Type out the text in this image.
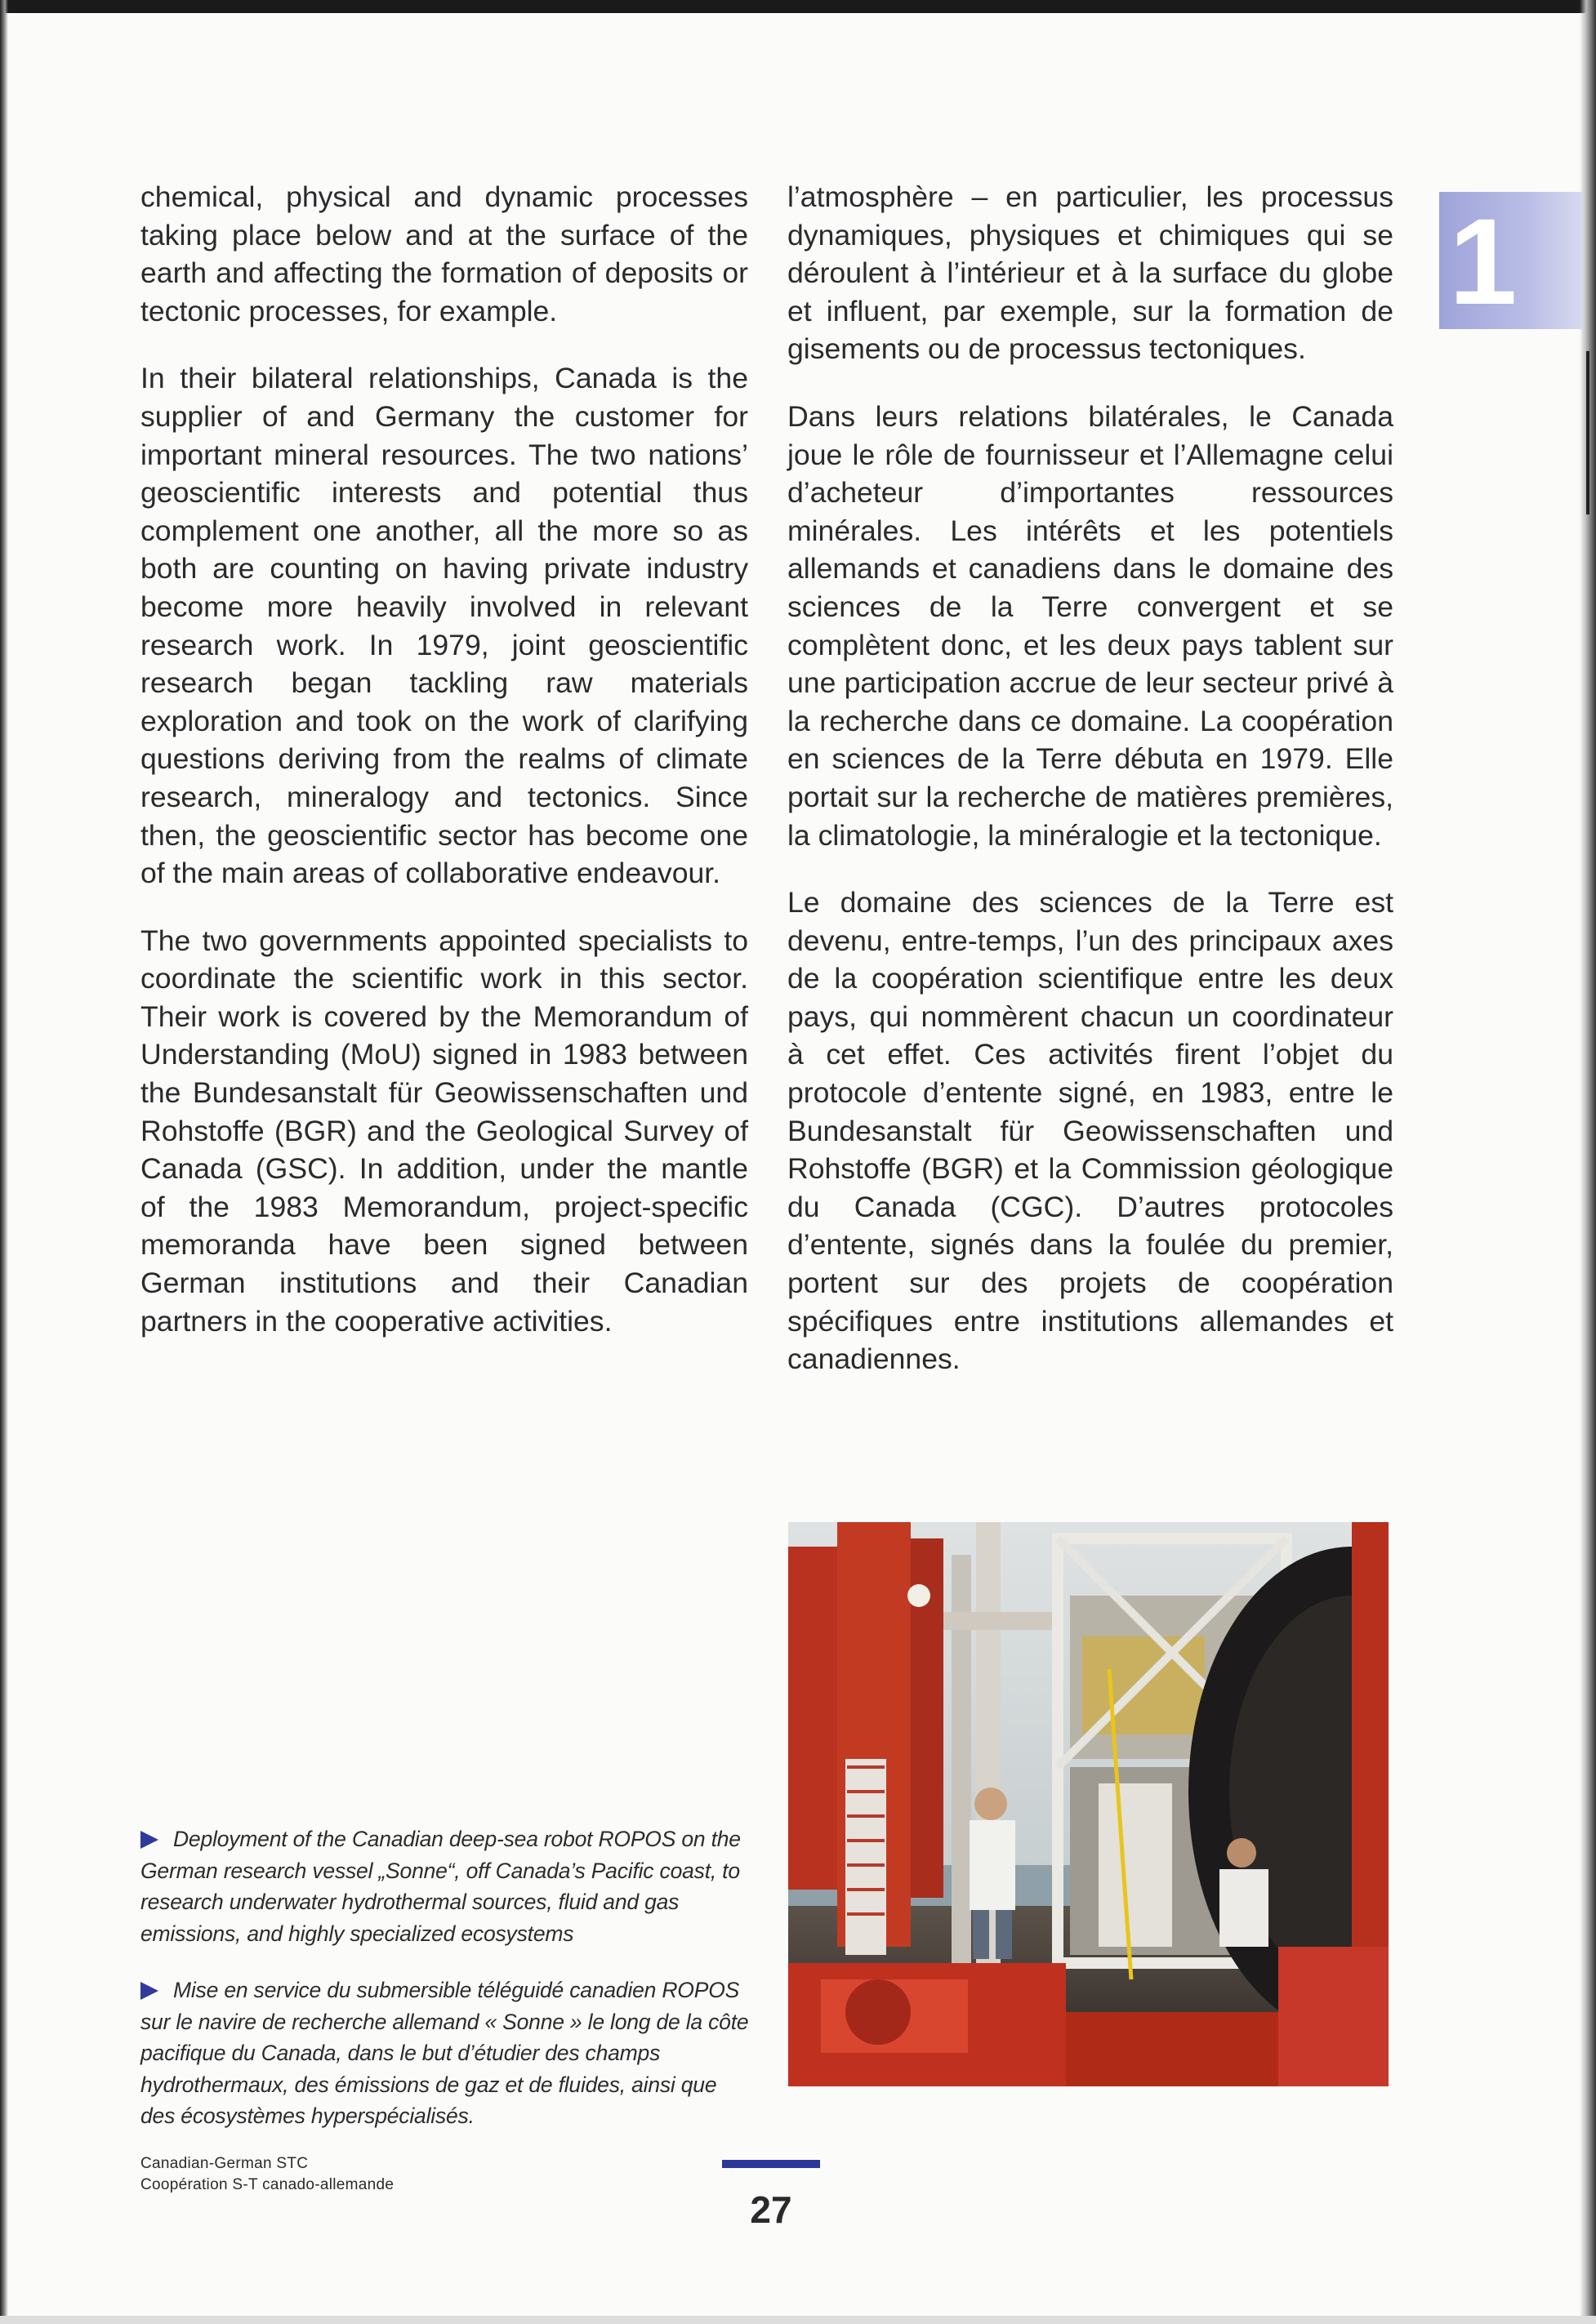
chemical, physical and dynamic processes taking place below and at the surface of the earth and affecting the formation of deposits or tectonic processes, for example.

In their bilateral relationships, Canada is the supplier of and Germany the customer for important mineral resources. The two nations’ geoscientific interests and potential thus complement one another, all the more so as both are counting on having private industry become more heavily involved in relevant research work. In 1979, joint geoscientific research began tackling raw materials exploration and took on the work of clarifying questions deriving from the realms of climate research, mineralogy and tectonics. Since then, the geoscientific sector has become one of the main areas of collaborative endeavour.

The two governments appointed specialists to coordinate the scientific work in this sector. Their work is covered by the Memorandum of Understanding (MoU) signed in 1983 between the Bundesanstalt für Geowissenschaften und Rohstoffe (BGR) and the Geological Survey of Canada (GSC). In addition, under the mantle of the 1983 Memorandum, project-specific memoranda have been signed between German institutions and their Canadian partners in the cooperative activities.

l’atmosphère – en particulier, les processus dynamiques, physiques et chimiques qui se déroulent à l’intérieur et à la surface du globe et influent, par exemple, sur la formation de gisements ou de processus tectoniques.

Dans leurs relations bilatérales, le Canada joue le rôle de fournisseur et l’Allemagne celui d’acheteur d’importantes ressources minérales. Les intérêts et les potentiels allemands et canadiens dans le domaine des sciences de la Terre convergent et se complètent donc, et les deux pays tablent sur une participation accrue de leur secteur privé à la recherche dans ce domaine. La coopération en sciences de la Terre débuta en 1979. Elle portait sur la recherche de matières premières, la climatologie, la minéralogie et la tectonique.

Le domaine des sciences de la Terre est devenu, entre-temps, l’un des principaux axes de la coopération scientifique entre les deux pays, qui nommèrent chacun un coordinateur à cet effet. Ces activités firent l’objet du protocole d’entente signé, en 1983, entre le Bundesanstalt für Geowissenschaften und Rohstoffe (BGR) et la Commission géologique du Canada (CGC). D’autres protocoles d’entente, signés dans la foulée du premier, portent sur des projets de coopération spécifiques entre institutions allemandes et canadiennes.

1
Deployment of the Canadian deep-sea robot ROPOS on the German research vessel „Sonne“, off Canada’s Pacific coast, to research underwater hydrothermal sources, fluid and gas emissions, and highly specialized ecosystems
Mise en service du submersible téléguidé canadien ROPOS sur le navire de recherche allemand « Sonne » le long de la côte pacifique du Canada, dans le but d’étudier des champs hydrothermaux, des émissions de gaz et de fluides, ainsi que des écosystèmes hyperspécialisés.
Canadian-German STC
Coopération S-T canado-allemande
27
